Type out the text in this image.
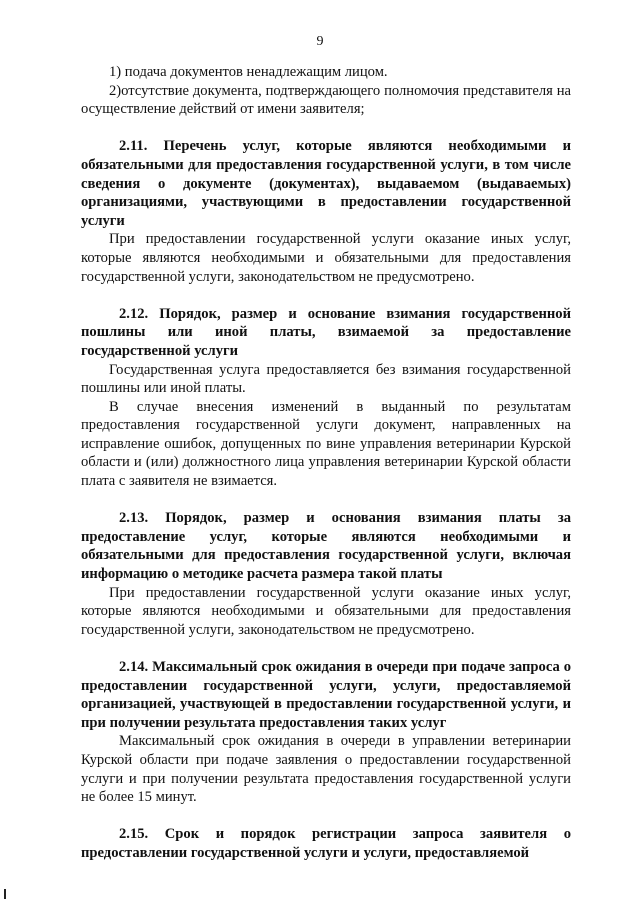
9

1) подача документов ненадлежащим лицом.

2)отсутствие документа, подтверждающего полномочия представителя на осуществление действий от имени заявителя;

2.11. Перечень услуг, которые являются необходимыми и обязательными для предоставления государственной услуги, в том числе сведения о документе (документах), выдаваемом (выдаваемых) организациями, участвующими в предоставлении государственной услуги

При предоставлении государственной услуги оказание иных услуг, которые являются необходимыми и обязательными для предоставления государственной услуги, законодательством не предусмотрено.

2.12. Порядок, размер и основание взимания государственной пошлины или иной платы, взимаемой за предоставление государственной услуги

Государственная услуга предоставляется без взимания государственной пошлины или иной платы.

В случае внесения изменений в выданный по результатам предоставления государственной услуги документ, направленных на исправление ошибок, допущенных по вине управления ветеринарии Курской области и (или) должностного лица управления ветеринарии Курской области плата с заявителя не взимается.

2.13. Порядок, размер и основания взимания платы за предоставление услуг, которые являются необходимыми и обязательными для предоставления государственной услуги, включая информацию о методике расчета размера такой платы

При предоставлении государственной услуги оказание иных услуг, которые являются необходимыми и обязательными для предоставления государственной услуги, законодательством не предусмотрено.

2.14. Максимальный срок ожидания в очереди при подаче запроса о предоставлении государственной услуги, услуги, предоставляемой организацией, участвующей в предоставлении государственной услуги, и при получении результата предоставления таких услуг

Максимальный срок ожидания в очереди в управлении ветеринарии Курской области при подаче заявления о предоставлении государственной услуги и при получении результата предоставления государственной услуги не более 15 минут.

2.15. Срок и порядок регистрации запроса заявителя о предоставлении государственной услуги и услуги, предоставляемой
